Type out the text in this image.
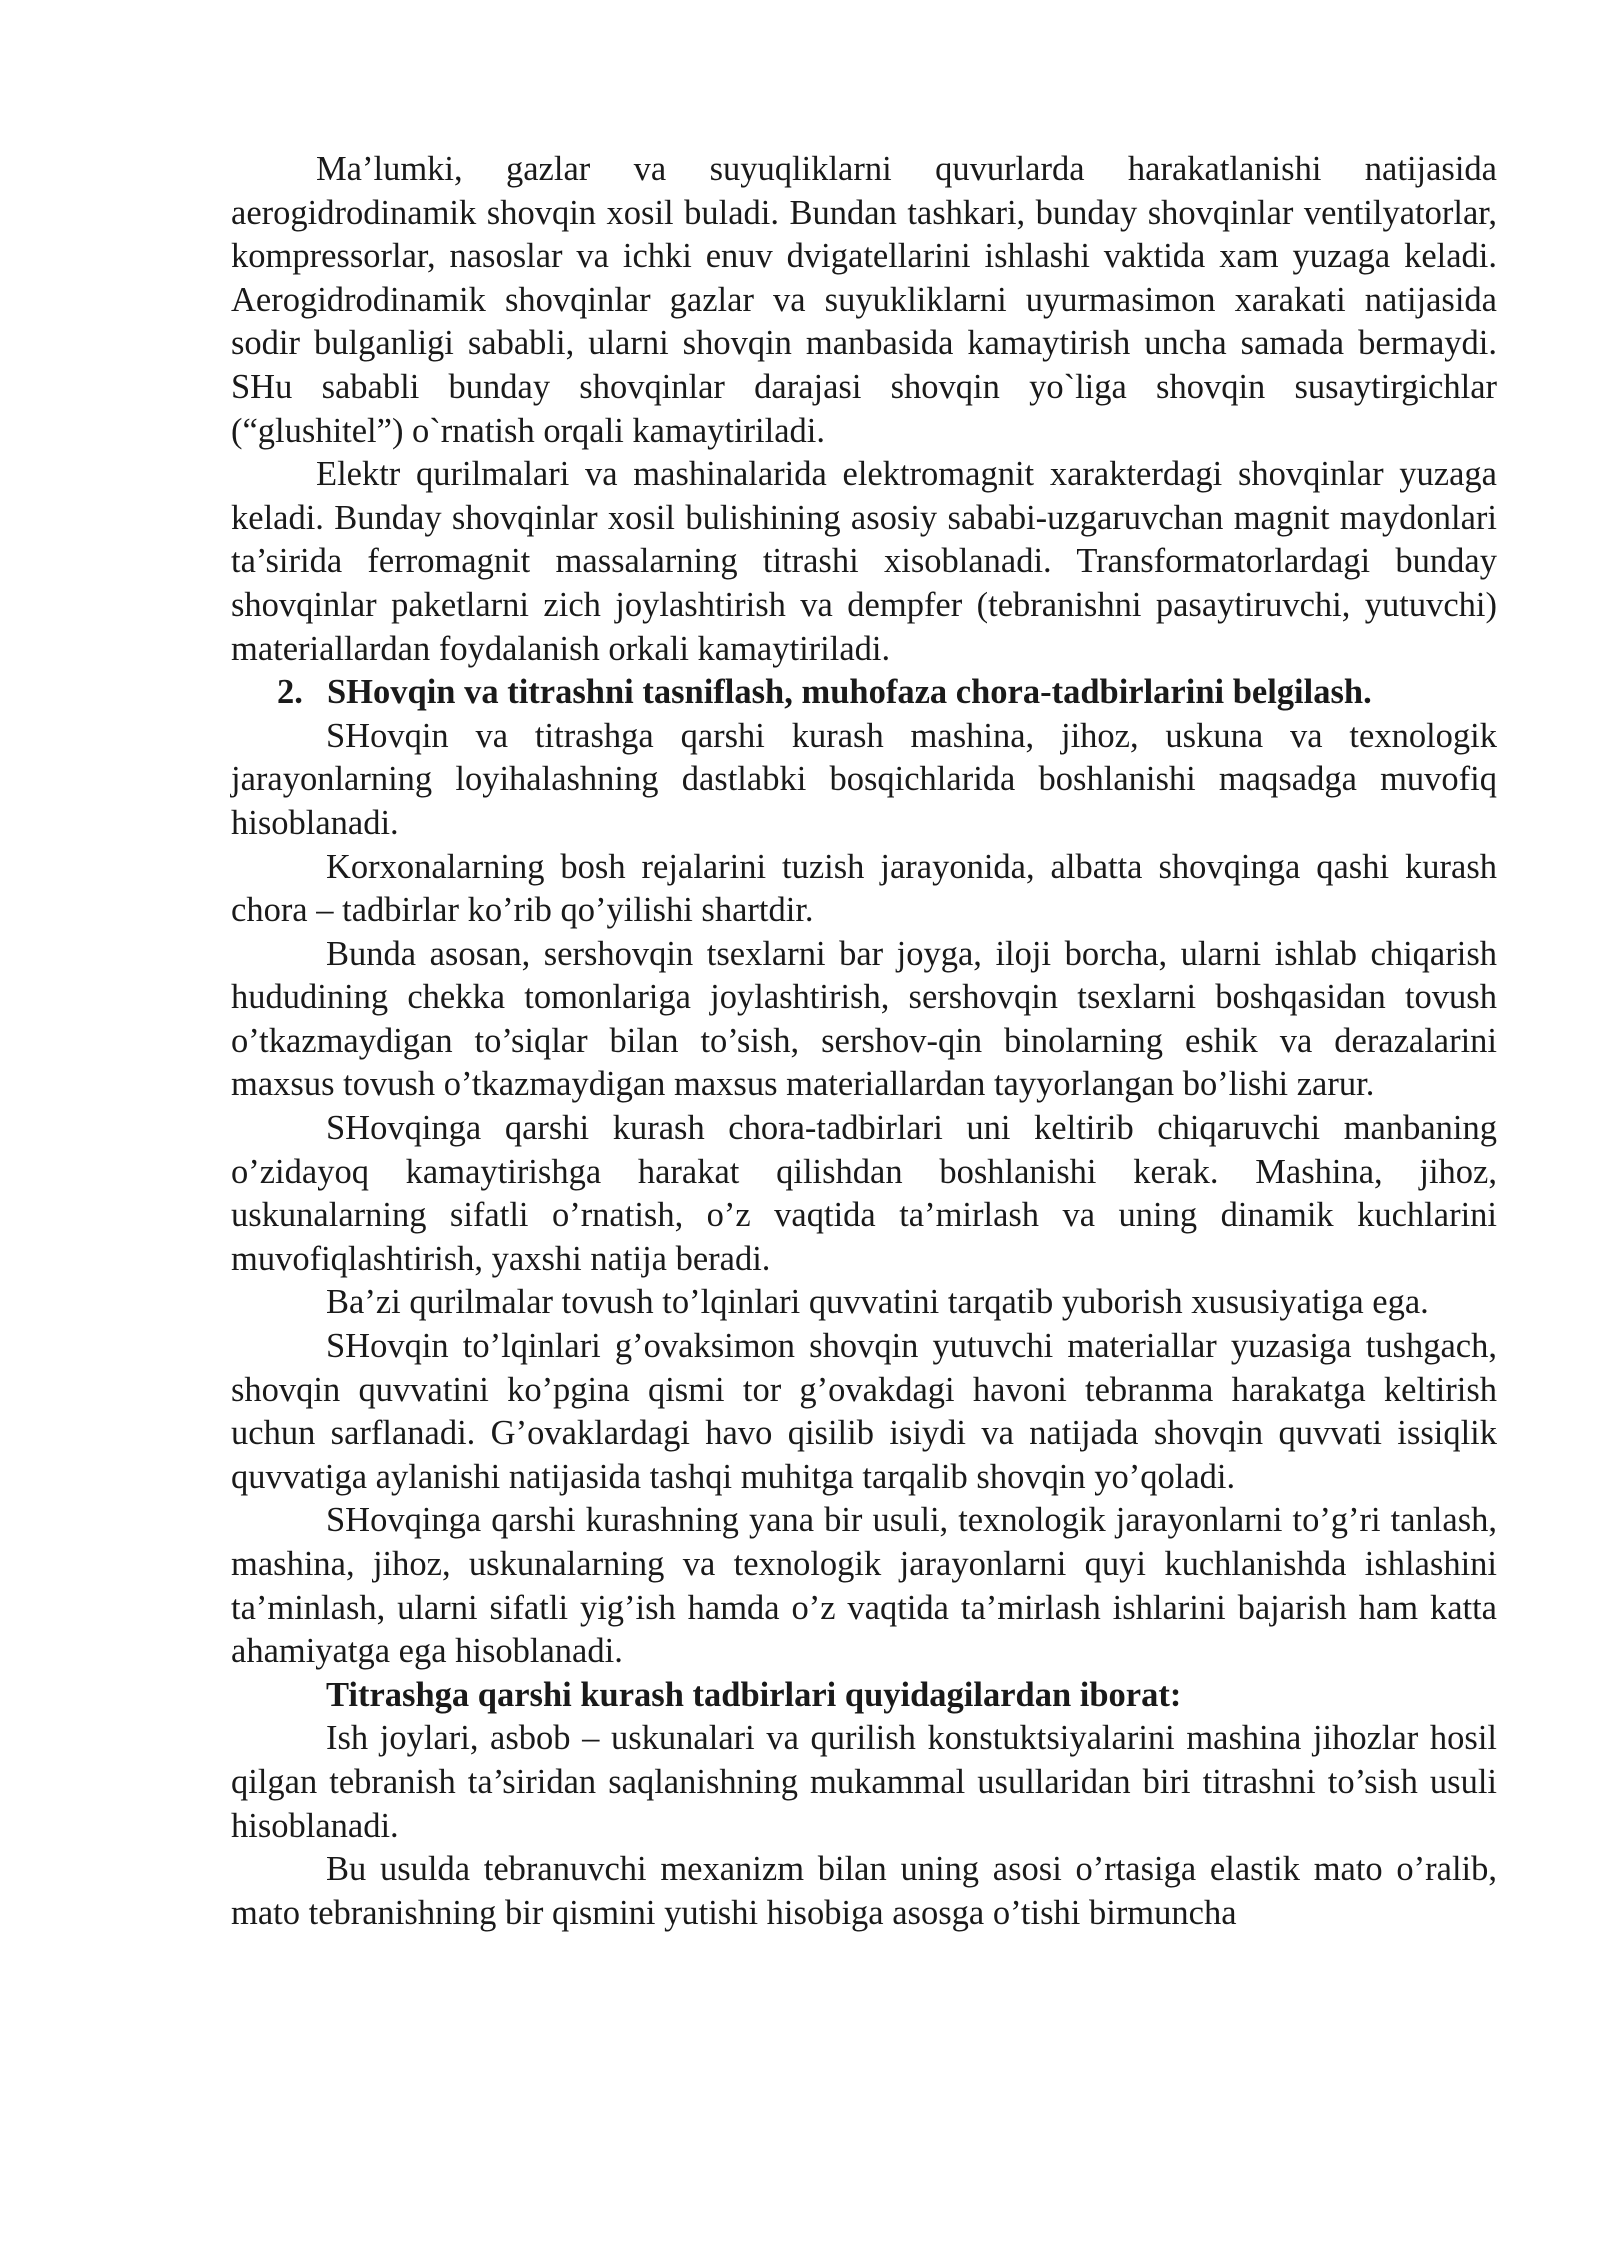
Ma’lumki, gazlar va suyuqliklarni quvurlarda harakatlanishi natijasida aerogidrodinamik shovqin xosil buladi. Bundan tashkari, bunday shovqinlar ventilyatorlar, kompressorlar, nasoslar va ichki enuv dvigatellarini ishlashi vaktida xam yuzaga keladi. Aerogidrodinamik shovqinlar gazlar va suyukliklarni uyurmasimon xarakati natijasida sodir bulganligi sababli, ularni shovqin manbasida kamaytirish uncha samada bermaydi. SHu sababli bunday shovqinlar darajasi shovqin yo`liga shovqin susaytirgichlar (“glushitel”) o`rnatish orqali kamaytiriladi.

Elektr qurilmalari va mashinalarida elektromagnit xarakterdagi shovqinlar yuzaga keladi. Bunday shovqinlar xosil bulishining asosiy sababi-uzgaruvchan magnit maydonlari ta’sirida ferromagnit massalarning titrashi xisoblanadi. Transformatorlardagi bunday shovqinlar paketlarni zich joylashtirish va dempfer (tebranishni pasaytiruvchi, yutuvchi) materiallardan foydalanish orkali kamaytiriladi.

2. SHovqin va titrashni tasniflash, muhofaza chora-tadbirlarini belgilash.

SHovqin va titrashga qarshi kurash mashina, jihoz, uskuna va texnologik jarayonlarning loyihalashning dastlabki bosqichlarida boshlanishi maqsadga muvofiq hisoblanadi.

Korxonalarning bosh rejalarini tuzish jarayonida, albatta shovqinga qashi kurash chora – tadbirlar ko’rib qo’yilishi shartdir.

Bunda asosan, sershovqin tsexlarni bar joyga, iloji borcha, ularni ishlab chiqarish hududining chekka tomonlariga joylashtirish, sershovqin tsexlarni boshqasidan tovush o’tkazmaydigan to’siqlar bilan to’sish, sershov-qin binolarning eshik va derazalarini maxsus tovush o’tkazmaydigan maxsus materiallardan tayyorlangan bo’lishi zarur.

SHovqinga qarshi kurash chora-tadbirlari uni keltirib chiqaruvchi manbaning o’zidayoq kamaytirishga harakat qilishdan boshlanishi kerak. Mashina, jihoz, uskunalarning sifatli o’rnatish, o’z vaqtida ta’mirlash va uning dinamik kuchlarini muvofiqlashtirish, yaxshi natija beradi.

Ba’zi qurilmalar tovush to’lqinlari quvvatini tarqatib yuborish xususiyatiga ega.

SHovqin to’lqinlari g’ovaksimon shovqin yutuvchi materiallar yuzasiga tushgach, shovqin quvvatini ko’pgina qismi tor g’ovakdagi havoni tebranma harakatga keltirish uchun sarflanadi. G’ovaklardagi havo qisilib isiydi va natijada shovqin quvvati issiqlik quvvatiga aylanishi natijasida tashqi muhitga tarqalib shovqin yo’qoladi.

SHovqinga qarshi kurashning yana bir usuli, texnologik jarayonlarni to’g’ri tanlash, mashina, jihoz, uskunalarning va texnologik jarayonlarni quyi kuchlanishda ishlashini ta’minlash, ularni sifatli yig’ish hamda o’z vaqtida ta’mirlash ishlarini bajarish ham katta ahamiyatga ega hisoblanadi.

Titrashga qarshi kurash tadbirlari quyidagilardan iborat:

Ish joylari, asbob – uskunalari va qurilish konstuktsiyalarini mashina jihozlar hosil qilgan tebranish ta’siridan saqlanishning mukammal usullaridan biri titrashni to’sish usuli hisoblanadi.

Bu usulda tebranuvchi mexanizm bilan uning asosi o’rtasiga elastik mato o’ralib, mato tebranishning bir qismini yutishi hisobiga asosga o’tishi birmuncha
